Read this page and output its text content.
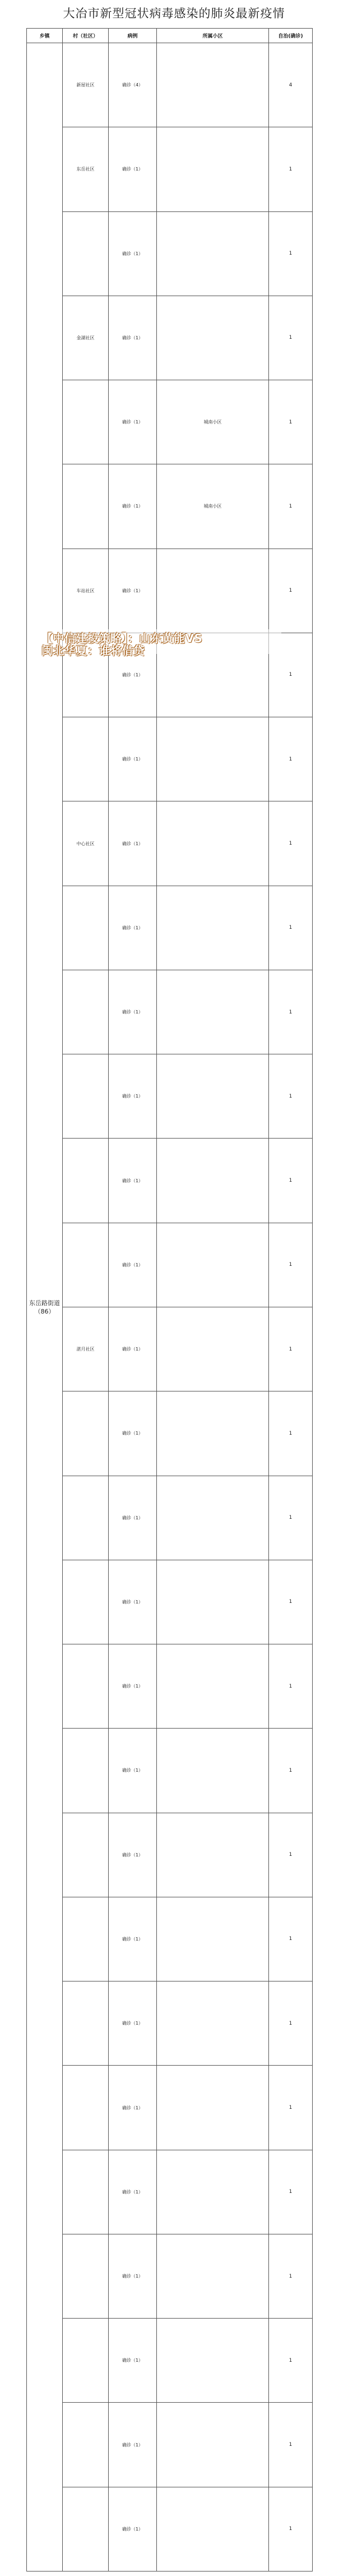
大冶市新型冠状病毒感染的肺炎最新疫情
乡镇	村（社区）	病例	所属小区	自治(确诊)
东岳路街道（86）	新屋社区	确诊（4）		4
	东岳社区	确诊（1）		1
		确诊（1）		1
	金湖社区	确诊（1）		1
		确诊（1）	城南小区	1
		确诊（1）	城南小区	1
	车站社区	确诊（1）		1
		确诊（1）		1
		确诊（1）		1
	中心社区	确诊（1）		1
		确诊（1）		1
		确诊（1）		1
		确诊（1）		1
		确诊（1）		1
		确诊（1）		1
	湛月社区	确诊（1）		1
		确诊（1）		1
		确诊（1）		1
		确诊（1）		1
		确诊（1）		1
		确诊（1）		1
		确诊（1）		1
		确诊（1）		1
		确诊（1）		1
		确诊（1）		1
		确诊（1）		1
		确诊（1）		1
		确诊（1）		1
		确诊（1）		1
		确诊（1）		1
【中信建投策略】：山东黄能VS
闽北华夏：谁将借贷
